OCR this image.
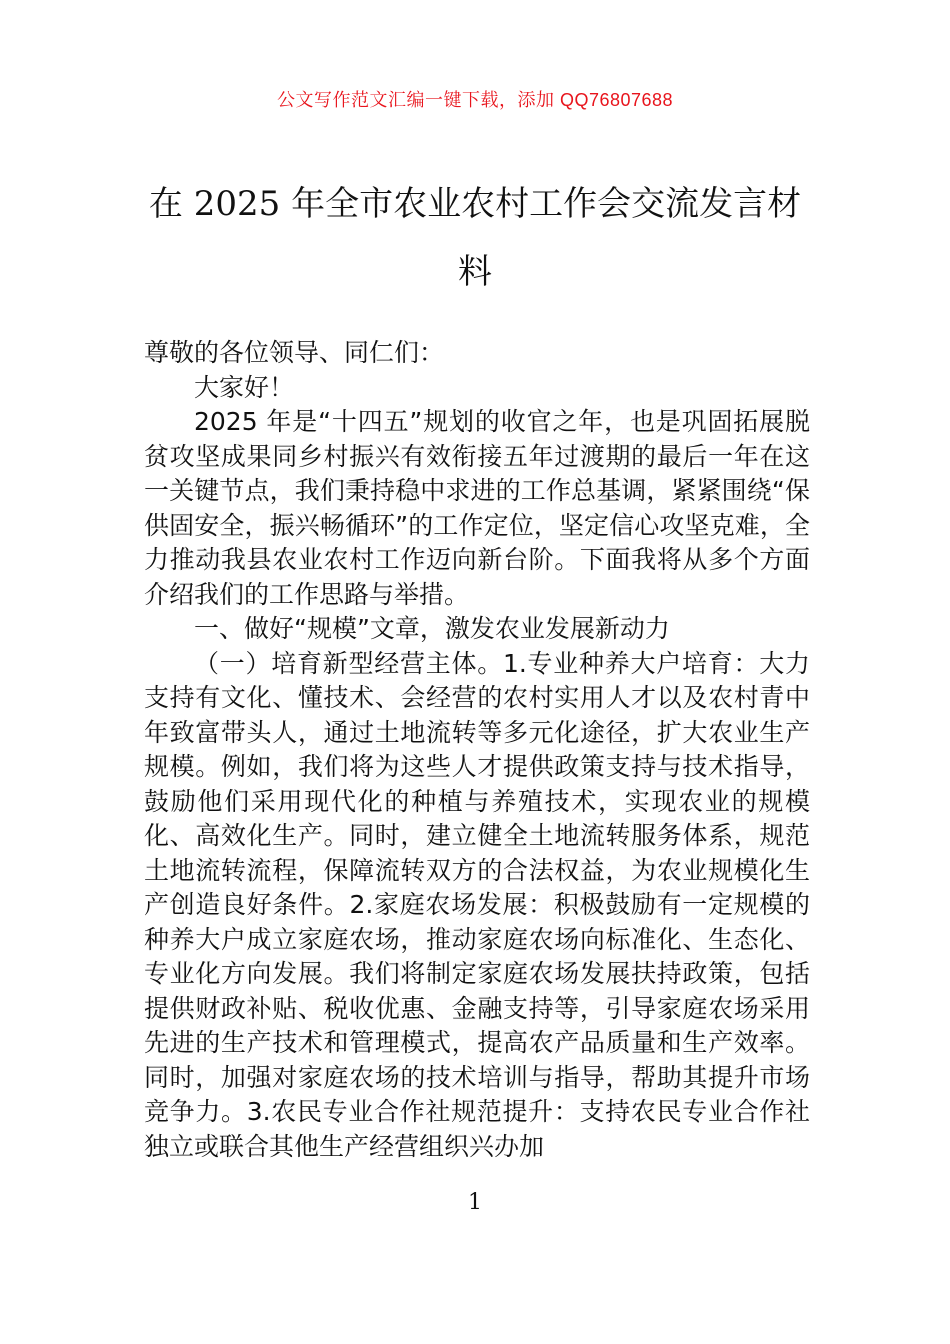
公文写作范文汇编一键下载，添加 QQ76807688
在 2025 年全市农业农村工作会交流发言材料

尊敬的各位领导、同仁们：

大家好！

2025 年是“十四五”规划的收官之年，也是巩固拓展脱贫攻坚成果同乡村振兴有效衔接五年过渡期的最后一年在这一关键节点，我们秉持稳中求进的工作总基调，紧紧围绕“保供固安全，振兴畅循环”的工作定位，坚定信心攻坚克难，全力推动我县农业农村工作迈向新台阶。下面我将从多个方面介绍我们的工作思路与举措。

一、做好“规模”文章，激发农业发展新动力

（一）培育新型经营主体。1.专业种养大户培育：大力支持有文化、懂技术、会经营的农村实用人才以及农村青中年致富带头人，通过土地流转等多元化途径，扩大农业生产规模。例如，我们将为这些人才提供政策支持与技术指导，鼓励他们采用现代化的种植与养殖技术，实现农业的规模化、高效化生产。同时，建立健全土地流转服务体系，规范土地流转流程，保障流转双方的合法权益，为农业规模化生产创造良好条件。2.家庭农场发展：积极鼓励有一定规模的种养大户成立家庭农场，推动家庭农场向标准化、生态化、专业化方向发展。我们将制定家庭农场发展扶持政策，包括提供财政补贴、税收优惠、金融支持等，引导家庭农场采用先进的生产技术和管理模式，提高农产品质量和生产效率。同时，加强对家庭农场的技术培训与指导，帮助其提升市场竞争力。3.农民专业合作社规范提升：支持农民专业合作社独立或联合其他生产经营组织兴办加

1
